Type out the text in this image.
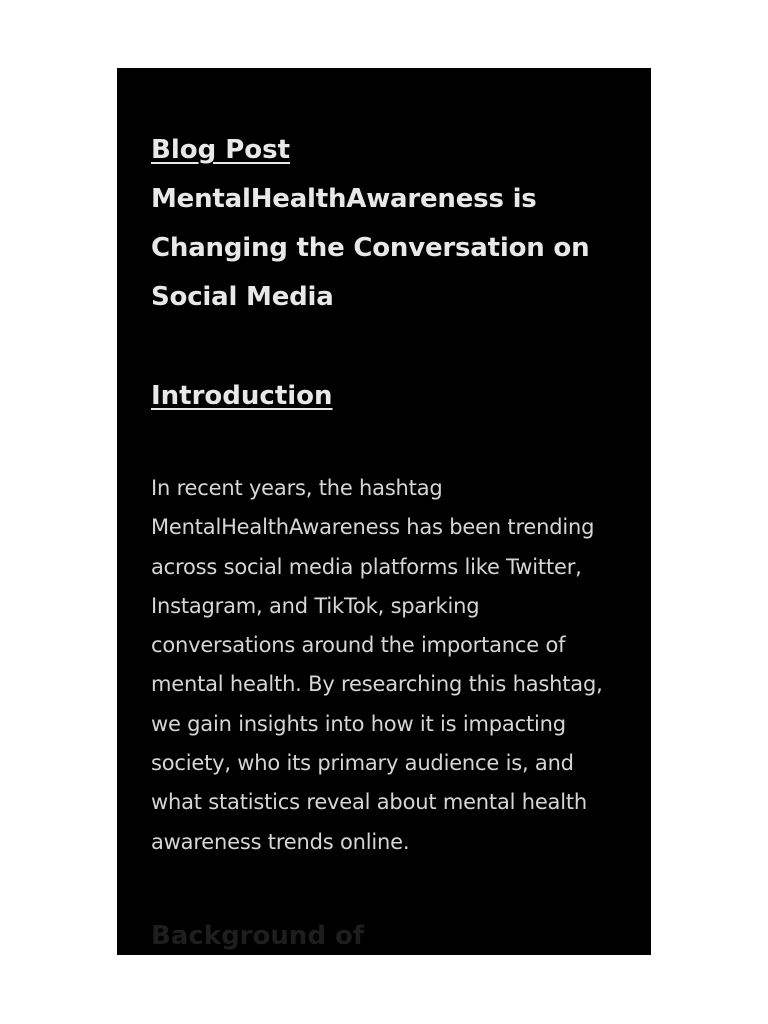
Blog Post
MentalHealthAwareness is Changing the Conversation on Social Media
Introduction

In recent years, the hashtag MentalHealthAwareness has been trending across social media platforms like Twitter, Instagram, and TikTok, sparking conversations around the importance of mental health. By researching this hashtag, we gain insights into how it is impacting society, who its primary audience is, and what statistics reveal about mental health awareness trends online.

Background of
